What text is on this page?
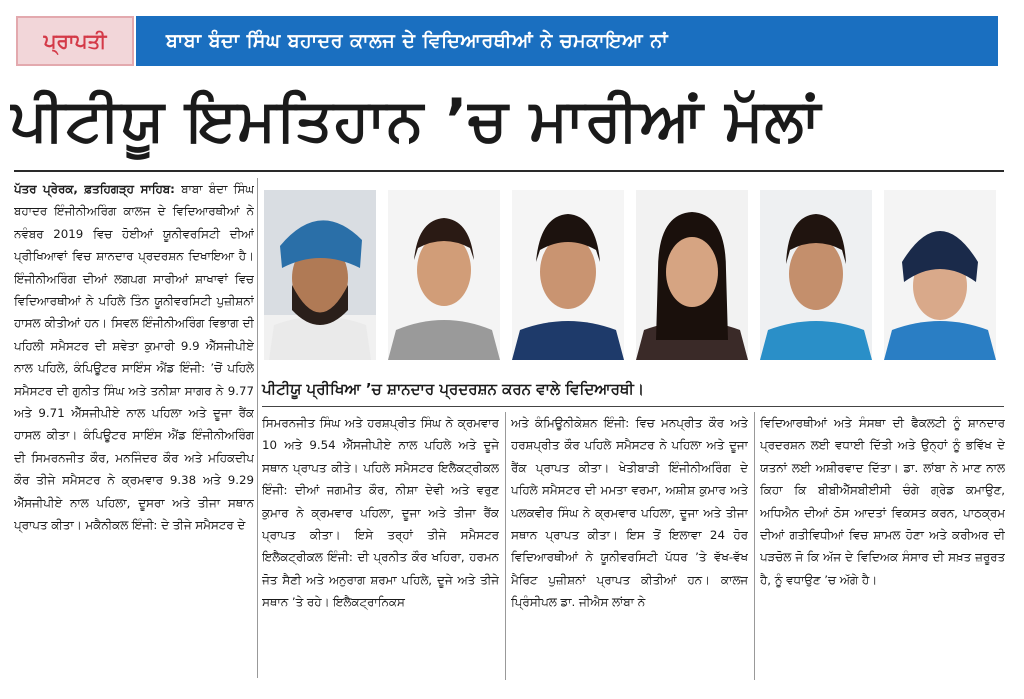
ਪ੍ਰਾਪਤੀ	ਬਾਬਾ ਬੰਦਾ ਸਿੰਘ ਬਹਾਦਰ ਕਾਲਜ ਦੇ ਵਿਦਿਆਰਥੀਆਂ ਨੇ ਚਮਕਾਇਆ ਨਾਂ
ਪੀਟੀਯੂ ਇਮਤਿਹਾਨ ’ਚ ਮਾਰੀਆਂ ਮੱਲਾਂ
ਪੱਤਰ ਪ੍ਰੇਰਕ, ਫ਼ਤਹਿਗੜ੍ਹ ਸਾਹਿਬ: ਬਾਬਾ ਬੰਦਾ ਸਿੰਘ ਬਹਾਦਰ ਇੰਜੀਨੀਅਰਿੰਗ ਕਾਲਜ ਦੇ ਵਿਦਿਆਰਥੀਆਂ ਨੇ ਨਵੰਬਰ 2019 ਵਿਚ ਹੋਈਆਂ ਯੂਨੀਵਰਸਿਟੀ ਦੀਆਂ ਪ੍ਰੀਖਿਆਵਾਂ ਵਿਚ ਸ਼ਾਨਦਾਰ ਪ੍ਰਦਰਸ਼ਨ ਦਿਖਾਇਆ ਹੈ। ਇੰਜੀਨੀਅਰਿੰਗ ਦੀਆਂ ਲਗਪਗ ਸਾਰੀਆਂ ਸ਼ਾਖਾਵਾਂ ਵਿਚ ਵਿਦਿਆਰਥੀਆਂ ਨੇ ਪਹਿਲੇ ਤਿੰਨ ਯੂਨੀਵਰਸਿਟੀ ਪੁਜ਼ੀਸ਼ਨਾਂ ਹਾਸਲ ਕੀਤੀਆਂ ਹਨ। ਸਿਵਲ ਇੰਜੀਨੀਅਰਿੰਗ ਵਿਭਾਗ ਦੀ ਪਹਿਲੀ ਸਮੈਸਟਰ ਦੀ ਸ਼ਵੇਤਾ ਕੁਮਾਰੀ 9.9 ਐੱਸਜੀਪੀਏ ਨਾਲ ਪਹਿਲੇ, ਕੰਪਿਊਟਰ ਸਾਇੰਸ ਐਂਡ ਇੰਜੀ: ’ਚੋਂ ਪਹਿਲੇ ਸਮੈਸਟਰ ਦੀ ਗੁਨੀਤ ਸਿੰਘ ਅਤੇ ਤਨੀਸ਼ਾ ਸਾਗਰ ਨੇ 9.77 ਅਤੇ 9.71 ਐੱਸਜੀਪੀਏ ਨਾਲ ਪਹਿਲਾ ਅਤੇ ਦੂਜਾ ਰੈਂਕ ਹਾਸਲ ਕੀਤਾ। ਕੰਪਿਊਟਰ ਸਾਇੰਸ ਐਂਡ ਇੰਜੀਨੀਅਰਿੰਗ ਦੀ ਸਿਮਰਨਜੀਤ ਕੌਰ, ਮਨਜਿੰਦਰ ਕੌਰ ਅਤੇ ਮਹਿਕਦੀਪ ਕੌਰ ਤੀਜੇ ਸਮੈਸਟਰ ਨੇ ਕ੍ਰਮਵਾਰ 9.38 ਅਤੇ 9.29 ਐੱਸਜੀਪੀਏ ਨਾਲ ਪਹਿਲਾ, ਦੂਸਰਾ ਅਤੇ ਤੀਜਾ ਸਥਾਨ ਪ੍ਰਾਪਤ ਕੀਤਾ। ਮਕੈਨੀਕਲ ਇੰਜੀ: ਦੇ ਤੀਜੇ ਸਮੈਸਟਰ ਦੇ
ਪੀਟੀਯੂ ਪ੍ਰੀਖਿਆ ’ਚ ਸ਼ਾਨਦਾਰ ਪ੍ਰਦਰਸ਼ਨ ਕਰਨ ਵਾਲੇ ਵਿਦਿਆਰਥੀ।
ਸਿਮਰਨਜੀਤ ਸਿੰਘ ਅਤੇ ਹਰਸ਼ਪ੍ਰੀਤ ਸਿੰਘ ਨੇ ਕ੍ਰਮਵਾਰ 10 ਅਤੇ 9.54 ਐੱਸਜੀਪੀਏ ਨਾਲ ਪਹਿਲੇ ਅਤੇ ਦੂਜੇ ਸਥਾਨ ਪ੍ਰਾਪਤ ਕੀਤੇ। ਪਹਿਲੇ ਸਮੈਸਟਰ ਇਲੈਕਟ੍ਰੀਕਲ ਇੰਜੀ: ਦੀਆਂ ਜਗਮੀਤ ਕੌਰ, ਨੀਸ਼ਾ ਦੇਵੀ ਅਤੇ ਵਰੁਣ ਕੁਮਾਰ ਨੇ ਕ੍ਰਮਵਾਰ ਪਹਿਲਾ, ਦੂਜਾ ਅਤੇ ਤੀਜਾ ਰੈਂਕ ਪ੍ਰਾਪਤ ਕੀਤਾ। ਇਸੇ ਤਰ੍ਹਾਂ ਤੀਜੇ ਸਮੈਸਟਰ ਇਲੈਕਟ੍ਰੀਕਲ ਇੰਜੀ: ਦੀ ਪ੍ਰਨੀਤ ਕੌਰ ਖਹਿਰਾ, ਹਰਮਨ ਜੋਤ ਸੈਣੀ ਅਤੇ ਅਨੁਰਾਗ ਸ਼ਰਮਾ ਪਹਿਲੇ, ਦੂਜੇ ਅਤੇ ਤੀਜੇ ਸਥਾਨ ’ਤੇ ਰਹੇ। ਇਲੈਕਟ੍ਰਾਨਿਕਸ
ਅਤੇ ਕੰਮਿਊਨੀਕੇਸ਼ਨ ਇੰਜੀ: ਵਿਚ ਮਨਪ੍ਰੀਤ ਕੌਰ ਅਤੇ ਹਰਸ਼ਪ੍ਰੀਤ ਕੌਰ ਪਹਿਲੇ ਸਮੈਸਟਰ ਨੇ ਪਹਿਲਾ ਅਤੇ ਦੂਜਾ ਰੈਂਕ ਪ੍ਰਾਪਤ ਕੀਤਾ। ਖੇਤੀਬਾੜੀ ਇੰਜੀਨੀਅਰਿੰਗ ਦੇ ਪਹਿਲੇ ਸਮੈਸਟਰ ਦੀ ਮਮਤਾ ਵਰਮਾ, ਅਸ਼ੀਸ਼ ਕੁਮਾਰ ਅਤੇ ਪਲਕਵੀਰ ਸਿੰਘ ਨੇ ਕ੍ਰਮਵਾਰ ਪਹਿਲਾ, ਦੂਜਾ ਅਤੇ ਤੀਜਾ ਸਥਾਨ ਪ੍ਰਾਪਤ ਕੀਤਾ। ਇਸ ਤੋਂ ਇਲਾਵਾ 24 ਹੋਰ ਵਿਦਿਆਰਥੀਆਂ ਨੇ ਯੂਨੀਵਰਸਿਟੀ ਪੱਧਰ ’ਤੇ ਵੱਖ-ਵੱਖ ਮੈਰਿਟ ਪੁਜ਼ੀਸ਼ਨਾਂ ਪ੍ਰਾਪਤ ਕੀਤੀਆਂ ਹਨ। ਕਾਲਜ ਪ੍ਰਿੰਸੀਪਲ ਡਾ. ਜੀਐਸ ਲਾਂਬਾ ਨੇ
ਵਿਦਿਆਰਥੀਆਂ ਅਤੇ ਸੰਸਥਾ ਦੀ ਫੈਕਲਟੀ ਨੂੰ ਸ਼ਾਨਦਾਰ ਪ੍ਰਦਰਸ਼ਨ ਲਈ ਵਧਾਈ ਦਿੱਤੀ ਅਤੇ ਉਨ੍ਹਾਂ ਨੂੰ ਭਵਿੱਖ ਦੇ ਯਤਨਾਂ ਲਈ ਅਸ਼ੀਰਵਾਦ ਦਿੱਤਾ। ਡਾ. ਲਾਂਬਾ ਨੇ ਮਾਣ ਨਾਲ ਕਿਹਾ ਕਿ ਬੀਬੀਐੱਸਬੀਈਸੀ ਚੰਗੇ ਗ੍ਰੇਡ ਕਮਾਉਣ, ਅਧਿਐਨ ਦੀਆਂ ਠੋਸ ਆਦਤਾਂ ਵਿਕਸਤ ਕਰਨ, ਪਾਠਕ੍ਰਮ ਦੀਆਂ ਗਤੀਵਿਧੀਆਂ ਵਿਚ ਸ਼ਾਮਲ ਹੋਣਾ ਅਤੇ ਕਰੀਅਰ ਦੀ ਪੜਚੋਲ ਜੋ ਕਿ ਅੱਜ ਦੇ ਵਿਦਿਅਕ ਸੰਸਾਰ ਦੀ ਸਖ਼ਤ ਜ਼ਰੂਰਤ ਹੈ, ਨੂੰ ਵਧਾਉਣ ’ਚ ਅੱਗੇ ਹੈ।
